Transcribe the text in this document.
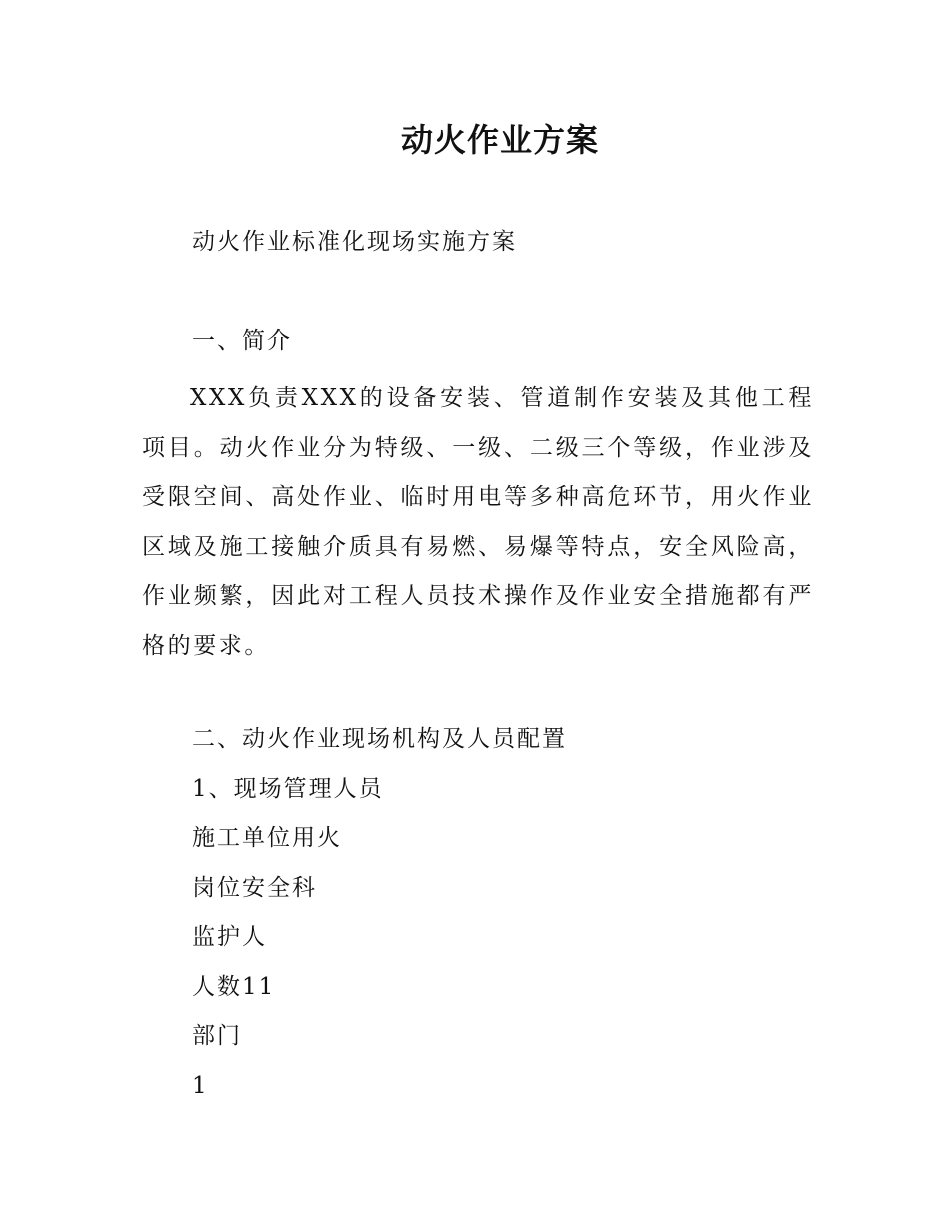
动火作业方案

动火作业标准化现场实施方案

一、简介

XXX负责XXX的设备安装、管道制作安装及其他工程项目。动火作业分为特级、一级、二级三个等级，作业涉及受限空间、高处作业、临时用电等多种高危环节，用火作业区域及施工接触介质具有易燃、易爆等特点，安全风险高，作业频繁，因此对工程人员技术操作及作业安全措施都有严格的要求。

二、动火作业现场机构及人员配置

1、现场管理人员

施工单位用火

岗位安全科

监护人

人数11

部门

1
